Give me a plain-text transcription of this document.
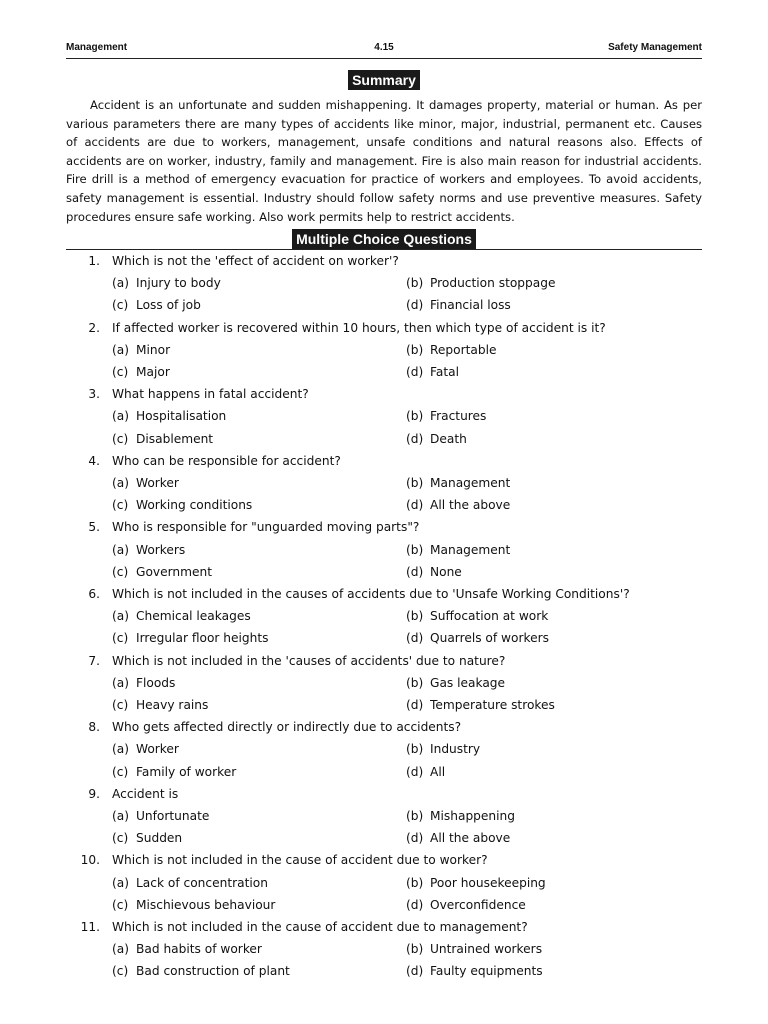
Management	4.15	Safety Management
Summary

Accident is an unfortunate and sudden mishappening. It damages property, material or human. As per various parameters there are many types of accidents like minor, major, industrial, permanent etc. Causes of accidents are due to workers, management, unsafe conditions and natural reasons also. Effects of accidents are on worker, industry, family and management. Fire is also main reason for industrial accidents. Fire drill is a method of emergency evacuation for practice of workers and employees. To avoid accidents, safety management is essential. Industry should follow safety norms and use preventive measures. Safety procedures ensure safe working. Also work permits help to restrict accidents.

Multiple Choice Questions
1. Which is not the 'effect of accident on worker'?
(a) Injury to body	(b) Production stoppage
(c) Loss of job	(d) Financial loss
2. If affected worker is recovered within 10 hours, then which type of accident is it?
(a) Minor	(b) Reportable
(c) Major	(d) Fatal
3. What happens in fatal accident?
(a) Hospitalisation	(b) Fractures
(c) Disablement	(d) Death
4. Who can be responsible for accident?
(a) Worker	(b) Management
(c) Working conditions	(d) All the above
5. Who is responsible for "unguarded moving parts"?
(a) Workers	(b) Management
(c) Government	(d) None
6. Which is not included in the causes of accidents due to 'Unsafe Working Conditions'?
(a) Chemical leakages	(b) Suffocation at work
(c) Irregular floor heights	(d) Quarrels of workers
7. Which is not included in the 'causes of accidents' due to nature?
(a) Floods	(b) Gas leakage
(c) Heavy rains	(d) Temperature strokes
8. Who gets affected directly or indirectly due to accidents?
(a) Worker	(b) Industry
(c) Family of worker	(d) All
9. Accident is
(a) Unfortunate	(b) Mishappening
(c) Sudden	(d) All the above
10. Which is not included in the cause of accident due to worker?
(a) Lack of concentration	(b) Poor housekeeping
(c) Mischievous behaviour	(d) Overconfidence
11. Which is not included in the cause of accident due to management?
(a) Bad habits of worker	(b) Untrained workers
(c) Bad construction of plant	(d) Faulty equipments
